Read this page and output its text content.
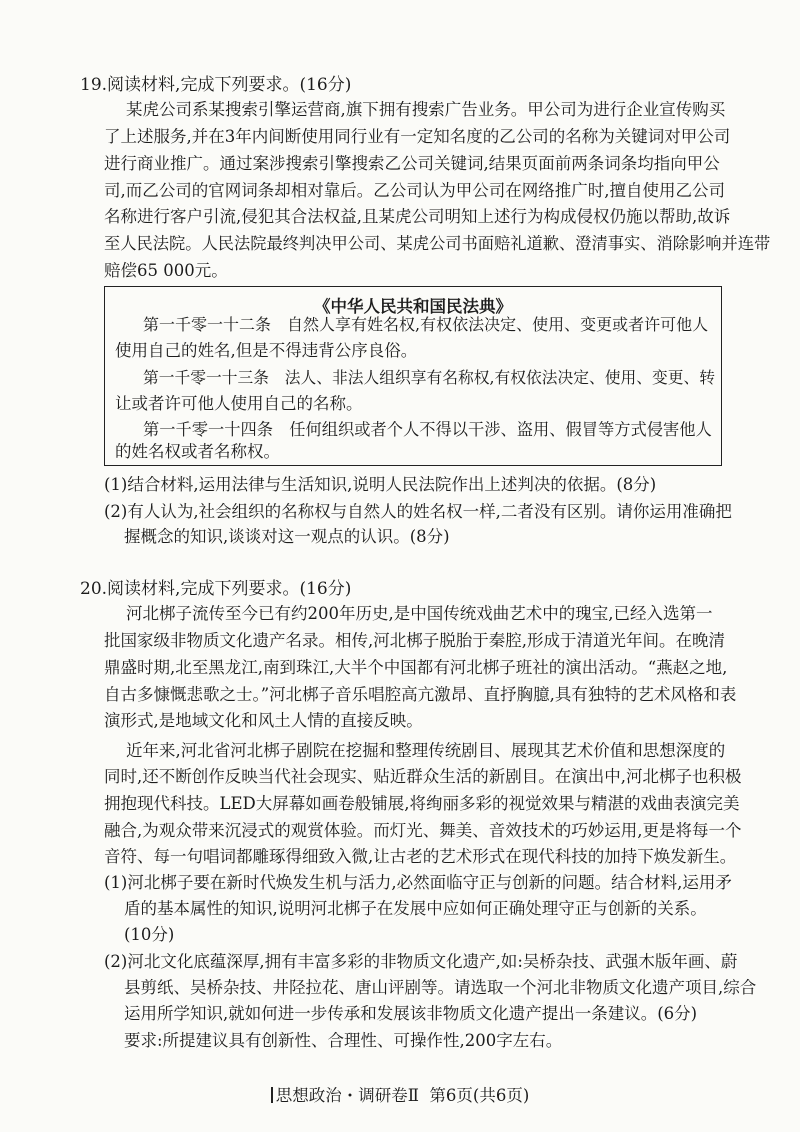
19.阅读材料,完成下列要求。(16分)
某虎公司系某搜索引擎运营商,旗下拥有搜索广告业务。甲公司为进行企业宣传购买
了上述服务,并在3年内间断使用同行业有一定知名度的乙公司的名称为关键词对甲公司
进行商业推广。通过案涉搜索引擎搜索乙公司关键词,结果页面前两条词条均指向甲公
司,而乙公司的官网词条却相对靠后。乙公司认为甲公司在网络推广时,擅自使用乙公司
名称进行客户引流,侵犯其合法权益,且某虎公司明知上述行为构成侵权仍施以帮助,故诉
至人民法院。人民法院最终判决甲公司、某虎公司书面赔礼道歉、澄清事实、消除影响并连带
赔偿65 000元。
《中华人民共和国民法典》
第一千零一十二条　自然人享有姓名权,有权依法决定、使用、变更或者许可他人
使用自己的姓名,但是不得违背公序良俗。
第一千零一十三条　法人、非法人组织享有名称权,有权依法决定、使用、变更、转
让或者许可他人使用自己的名称。
第一千零一十四条　任何组织或者个人不得以干涉、盗用、假冒等方式侵害他人
的姓名权或者名称权。
(1)结合材料,运用法律与生活知识,说明人民法院作出上述判决的依据。(8分)
(2)有人认为,社会组织的名称权与自然人的姓名权一样,二者没有区别。请你运用准确把
握概念的知识,谈谈对这一观点的认识。(8分)
20.阅读材料,完成下列要求。(16分)
河北梆子流传至今已有约200年历史,是中国传统戏曲艺术中的瑰宝,已经入选第一
批国家级非物质文化遗产名录。相传,河北梆子脱胎于秦腔,形成于清道光年间。在晚清
鼎盛时期,北至黑龙江,南到珠江,大半个中国都有河北梆子班社的演出活动。“燕赵之地,
自古多慷慨悲歌之士。”河北梆子音乐唱腔高亢激昂、直抒胸臆,具有独特的艺术风格和表
演形式,是地域文化和风土人情的直接反映。
近年来,河北省河北梆子剧院在挖掘和整理传统剧目、展现其艺术价值和思想深度的
同时,还不断创作反映当代社会现实、贴近群众生活的新剧目。在演出中,河北梆子也积极
拥抱现代科技。LED大屏幕如画卷般铺展,将绚丽多彩的视觉效果与精湛的戏曲表演完美
融合,为观众带来沉浸式的观赏体验。而灯光、舞美、音效技术的巧妙运用,更是将每一个
音符、每一句唱词都雕琢得细致入微,让古老的艺术形式在现代科技的加持下焕发新生。
(1)河北梆子要在新时代焕发生机与活力,必然面临守正与创新的问题。结合材料,运用矛
盾的基本属性的知识,说明河北梆子在发展中应如何正确处理守正与创新的关系。
(10分)
(2)河北文化底蕴深厚,拥有丰富多彩的非物质文化遗产,如:吴桥杂技、武强木版年画、蔚
县剪纸、吴桥杂技、井陉拉花、唐山评剧等。请选取一个河北非物质文化遗产项目,综合
运用所学知识,就如何进一步传承和发展该非物质文化遗产提出一条建议。(6分)
要求:所提建议具有创新性、合理性、可操作性,200字左右。
思想政治・调研卷Ⅱ 第6页(共6页)
